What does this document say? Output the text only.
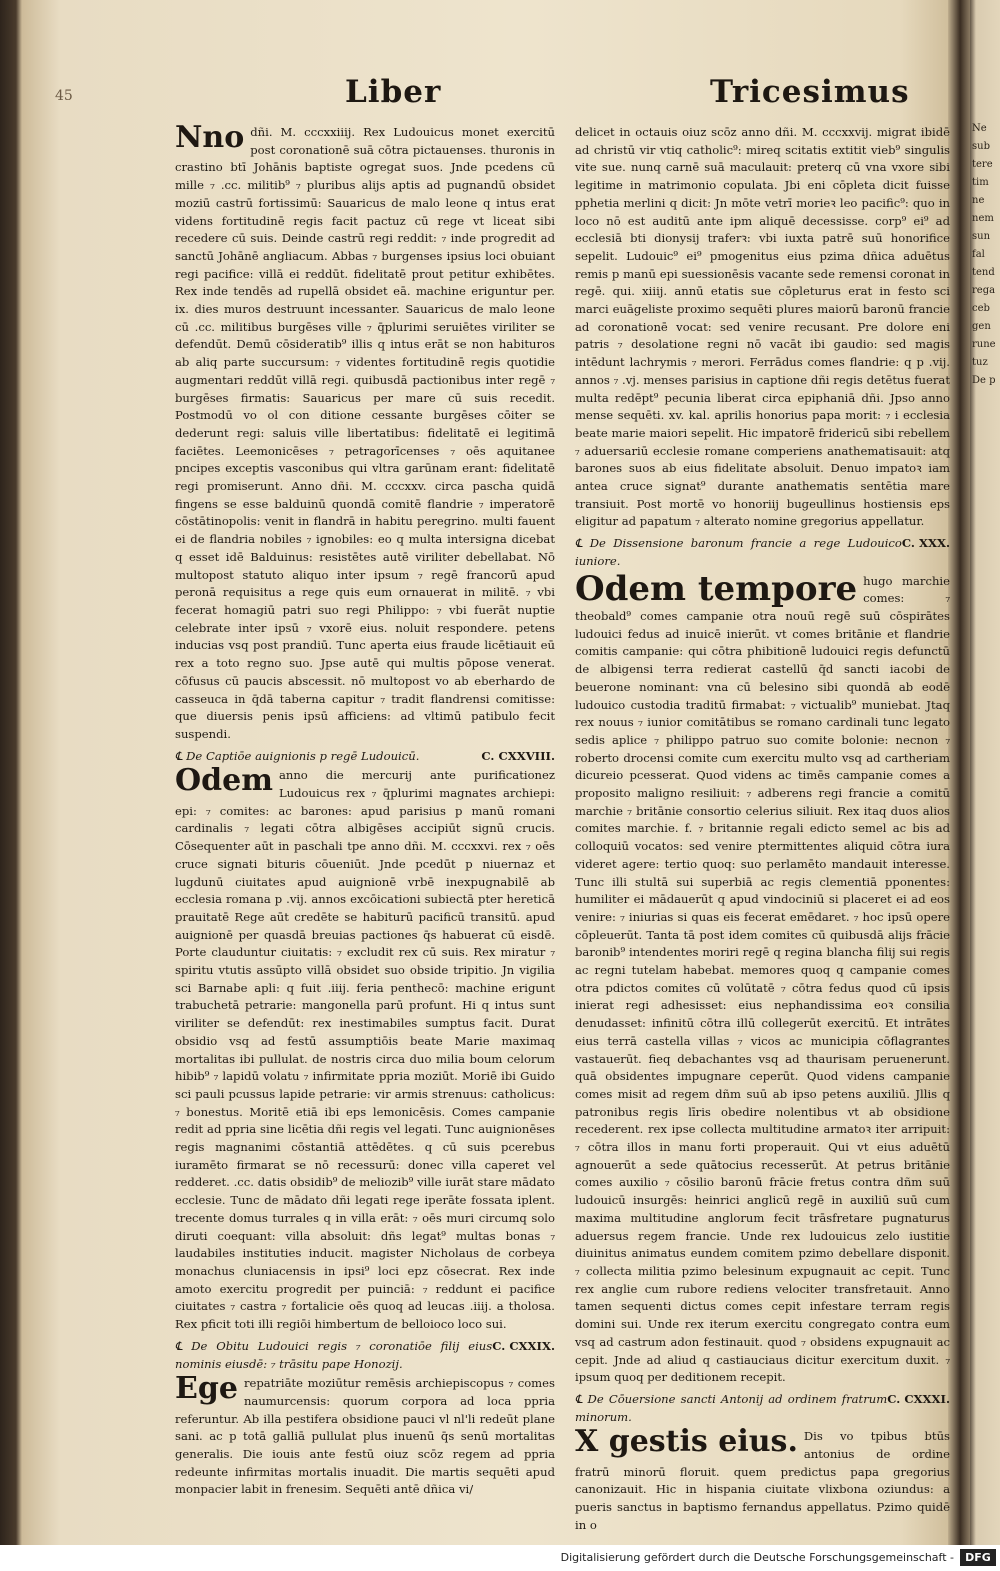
Ne
sub
tere
tim
ne
nem
sun
fal
tend
rega
ceb
gen
rune
tuz
De p
45	Liber	Tricesimus

Nno dñi. M. cccxxiiij. Rex Ludouicus monet exercitū post coronationē suā cōtra pictauenses. thuronis in crastino btī Johānis baptiste ogregat suos. Jnde pcedens cū mille ₇ .cc. militib⁹ ₇ pluribus alijs aptis ad pugnandū obsidet moziū castrū fortissimū: Sauaricus de malo leone q intus erat videns fortitudinē regis facit pactuz cū rege vt liceat sibi recedere cū suis. Deinde castrū regi reddit: ₇ inde progredit ad sanctū Johānē angliacum. Abbas ₇ burgenses ipsius loci obuiant regi pacifice: villā ei reddūt. fidelitatē prout petitur exhibētes. Rex inde tendēs ad rupellā obsidet eā. machine eriguntur per. ix. dies muros destruunt incessanter. Sauaricus de malo leone cū .cc. militibus burgēses ville ₇ q̄plurimi seruiētes viriliter se defendūt. Demū cōsideratib⁹ illis q intus erāt se non habituros ab aliq parte succursum: ₇ videntes fortitudinē regis quotidie augmentari reddūt villā regi. quibusdā pactionibus inter regē ₇ burgēses firmatis: Sauaricus per mare cū suis recedit. Postmodū vo ol con ditione cessante burgēses cōiter se dederunt regi: saluis ville libertatibus: fidelitatē ei legitimā faciētes. Leemonicēses ₇ petragorīcenses ₇ oēs aquitanee pncipes exceptis vasconibus qui vltra garūnam erant: fidelitatē regi promiserunt. Anno dñi. M. cccxxv. circa pascha quidā fingens se esse balduinū quondā comitē flandrie ₇ imperatorē cōstātinopolis: venit in flandrā in habitu peregrino. multi fauent ei de flandria nobiles ₇ ignobiles: eo q multa intersigna dicebat q esset idē Balduinus: resistētes autē viriliter debellabat. Nō multopost statuto aliquo inter ipsum ₇ regē francorū apud peronā requisitus a rege quis eum ornauerat in militē. ₇ vbi fecerat homagiū patri suo regi Philippo: ₇ vbi fuerāt nuptie celebrate inter ipsū ₇ vxorē eius. noluit respondere. petens inducias vsq post prandiū. Tunc aperta eius fraude licētiauit eū rex a toto regno suo. Jpse autē qui multis pōpose venerat. cōfusus cū paucis abscessit. nō multopost vo ab eberhardo de casseuca in q̄dā taberna capitur ₇ tradit flandrensi comitisse: que diuersis penis ipsū afficiens: ad vltimū patibulo fecit suspendi.

C. CXXVIII.
℄ De Captiōe auignionis p regē Ludouicū.

Odem anno die mercurij ante purificationez Ludouicus rex ₇ q̄plurimi magnates archiepi: epi: ₇ comites: ac barones: apud parisius p manū romani cardinalis ₇ legati cōtra albigēses accipiūt signū crucis. Cōsequenter aūt in paschali tpe anno dñi. M. cccxxvi. rex ₇ oēs cruce signati bituris cōueniūt. Jnde pcedūt p niuernaz et lugdunū ciuitates apud auignionē vrbē inexpugnabilē ab ecclesia romana p .vij. annos excōicationi subiectā pter hereticā prauitatē Rege aūt credēte se habiturū pacificū transitū. apud auignionē per quasdā breuias pactiones q̄s habuerat cū eisdē. Porte clauduntur ciuitatis: ₇ excludit rex cū suis. Rex miratur ₇ spiritu vtutis assūpto villā obsidet suo obside tripitio. Jn vigilia sci Barnabe apli: q fuit .iiij. feria penthecō: machine erigunt trabuchetā petrarie: mangonella parū profunt. Hi q intus sunt viriliter se defendūt: rex inestimabiles sumptus facit. Durat obsidio vsq ad festū assumptiōis beate Marie maximaq mortalitas ibi pullulat. de nostris circa duo milia boum celorum hibib⁹ ₇ lapidū volatu ₇ infirmitate ppria moziūt. Moriē ibi Guido sci pauli pcussus lapide petrarie: vir armis strenuus: catholicus: ₇ bonestus. Moritē etiā ibi eps lemonicēsis. Comes campanie redit ad ppria sine licētia dñi regis vel legati. Tunc auignionēses regis magnanimi cōstantiā attēdētes. q cū suis pcerebus iuramēto firmarat se nō recessurū: donec villa caperet vel redderet. .cc. datis obsidib⁹ de meliozib⁹ ville iurāt stare mādato ecclesie. Tunc de mādato dñi legati rege iperāte fossata iplent. trecente domus turrales q in villa erāt: ₇ oēs muri circumq solo diruti coequant: villa absoluit: dñs legat⁹ multas bonas ₇ laudabiles instituties inducit. magister Nicholaus de corbeya monachus cluniacensis in ipsi⁹ loci epz cōsecrat. Rex inde amoto exercitu progredit per puinciā: ₇ reddunt ei pacifice ciuitates ₇ castra ₇ fortalicie oēs quoq ad leucas .iiij. a tholosa. Rex pficit toti illi regiōi himbertum de belloioco loco sui.

C. CXXIX.
℄ De Obitu Ludouici regis ₇ coronatiōe filij eius nominis eiusdē: ₇ trāsitu pape Honozij.

Ege repatriāte moziūtur remēsis archiepiscopus ₇ comes naumurcensis: quorum corpora ad loca ppria referuntur. Ab illa pestifera obsidione pauci vl nl'li redeūt plane sani. ac p totā galliā pullulat plus inuenū q̄s senū mortalitas generalis. Die iouis ante festū oiuz scōz regem ad ppria redeunte infirmitas mortalis inuadit. Die martis sequēti apud monpacier labit in frenesim. Sequēti antē dñica vi/

delicet in octauis oiuz scōz anno dñi. M. cccxxvij. migrat ibidē ad christū vir vtiq catholic⁹: mireq scitatis extitit vieb⁹ singulis vite sue. nunq carnē suā maculauit: preterq cū vna vxore sibi legitime in matrimonio copulata. Jbi eni cōpleta dicit fuisse pphetia merlini q dicit: Jn mōte vetrī morieꝛ leo pacific⁹: quo in loco nō est auditū ante ipm aliquē decessisse. corp⁹ ei⁹ ad ecclesiā bti dionysij traferꝛ: vbi iuxta patrē suū honorifice sepelit. Ludouic⁹ ei⁹ pmogenitus eius pzima dñica aduētus remis p manū epi suessionēsis vacante sede remensi coronat in regē. qui. xiiij. annū etatis sue cōpleturus erat in festo sci marci euāgeliste proximo sequēti plures maiorū baronū francie ad coronationē vocat: sed venire recusant. Pre dolore eni patris ₇ desolatione regni nō vacāt ibi gaudio: sed magis intēdunt lachrymis ₇ merori. Ferrādus comes flandrie: q p .vij. annos ₇ .vj. menses parisius in captione dñi regis detētus fuerat multa redēpt⁹ pecunia liberat circa epiphaniā dñi. Jpso anno mense sequēti. xv. kal. aprilis honorius papa morit: ₇ i ecclesia beate marie maiori sepelit. Hic impatorē fridericū sibi rebellem ₇ aduersariū ecclesie romane comperiens anathematisauit: atq barones suos ab eius fidelitate absoluit. Denuo impatoꝛ iam antea cruce signat⁹ durante anathematis sentētia mare transiuit. Post mortē vo honoriij bugeullinus hostiensis eps eligitur ad papatum ₇ alterato nomine gregorius appellatur.

C. XXX.
℄ De Dissensione baronum francie a rege Ludouico iuniore.

Odem tempore hugo marchie comes: ₇ theobald⁹ comes campanie otra nouū regē suū cōspirātes ludouici fedus ad inuicē inierūt. vt comes britānie et flandrie comitis campanie: qui cōtra phibitionē ludouici regis defunctū de albigensi terra redierat castellū q̄d sancti iacobi de beuerone nominant: vna cū belesino sibi quondā ab eodē ludouico custodia traditū firmabat: ₇ victualib⁹ muniebat. Jtaq rex nouus ₇ iunior comitātibus se romano cardinali tunc legato sedis aplice ₇ philippo patruo suo comite bolonie: necnon ₇ roberto drocensi comite cum exercitu multo vsq ad cartheriam dicureio pcesserat. Quod videns ac timēs campanie comes a proposito maligno resiliuit: ₇ adberens regi francie a comitū marchie ₇ britānie consortio celerius siliuit. Rex itaq duos alios comites marchie. f. ₇ britannie regali edicto semel ac bis ad colloquiū vocatos: sed venire ptermittentes aliquid cōtra iura videret agere: tertio quoq: suo perlamēto mandauit interesse. Tunc illi stultā sui superbiā ac regis clementiā pponentes: humiliter ei mādauerūt q apud vindociniū si placeret ei ad eos venire: ₇ iniurias si quas eis fecerat emēdaret. ₇ hoc ipsū opere cōpleuerūt. Tanta tā post idem comites cū quibusdā alijs frācie baronib⁹ intendentes moriri regē q regina blancha filij sui regis ac regni tutelam habebat. memores quoq q campanie comes otra pdictos comites cū volūtatē ₇ cōtra fedus quod cū ipsis inierat regi adhesisset: eius nephandissima eoꝛ consilia denudasset: infinitū cōtra illū collegerūt exercitū. Et intrātes eius terrā castella villas ₇ vicos ac municipia cōflagrantes vastauerūt. fieq debachantes vsq ad thaurisam peruenerunt. quā obsidentes impugnare ceperūt. Quod videns campanie comes misit ad regem dñm suū ab ipso petens auxiliū. Jllis q patronibus regis līris obedire nolentibus vt ab obsidione recederent. rex ipse collecta multitudine armatoꝛ iter arripuit: ₇ cōtra illos in manu forti properauit. Qui vt eius aduētū agnouerūt a sede quātocius recesserūt. At petrus britānie comes auxilio ₇ cōsilio baronū frācie fretus contra dñm suū ludouicū insurgēs: heinrici anglicū regē in auxiliū suū cum maxima multitudine anglorum fecit trāsfretare pugnaturus aduersus regem francie. Unde rex ludouicus zelo iustitie diuinitus animatus eundem comitem pzimo debellare disponit. ₇ collecta militia pzimo belesinum expugnauit ac cepit. Tunc rex anglie cum rubore rediens velociter transfretauit. Anno tamen sequenti dictus comes cepit infestare terram regis domini sui. Unde rex iterum exercitu congregato contra eum vsq ad castrum adon festinauit. quod ₇ obsidens expugnauit ac cepit. Jnde ad aliud q castiauciaus dicitur exercitum duxit. ₇ ipsum quoq per deditionem recepit.

C. CXXXI.
℄ De Cōuersione sancti Antonij ad ordinem fratrum minorum.

X gestis eius. Dis vo tpibus btūs antonius de ordine fratrū minorū floruit. quem predictus papa gregorius canonizauit. Hic in hispania ciuitate vlixbona oziundus: a pueris sanctus in baptismo fernandus appellatus. Pzimo quidē in o

Digitalisierung gefördert durch die Deutsche Forschungsgemeinschaft -	DFG
